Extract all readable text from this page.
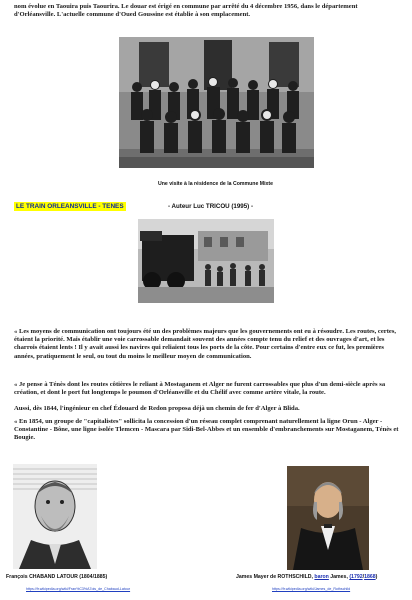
nom évolue en Taouira puis Taourira. Le douar est érigé en commune par arrêté du 4 décembre 1956, dans le département d'Orléansville. L'actuelle commune d'Oued Goussine est établie à son emplacement.

Une visite à la résidence de la Commune Mixte
LE TRAIN ORLEANSVILLE - TENES	- Auteur Luc TRICOU (1995) -

« Les moyens de communication ont toujours été un des problèmes majeurs que les gouvernements ont eu à résoudre. Les routes, certes, étaient la priorité. Mais établir une voie carrossable demandait souvent des années compte tenu du relief et des ouvrages d'art, et les charrois étaient lents ! Il y avait aussi les navires qui reliaient tous les ports de la côte. Pour certains d'entre eux ce fut, les premières années, pratiquement le seul, ou tout du moins le meilleur moyen de communication.

« Je pense à Ténès dont les routes côtières le reliant à Mostaganem et Alger ne furent carrossables que plus d'un demi-siècle après sa création, et dont le port fut longtemps le poumon d'Orléansville et du Chélif avec comme artère vitale, la route.

Aussi, dès 1844, l'ingénieur en chef Édouard de Redon proposa déjà un chemin de fer d'Alger à Blida.

« En 1854, un groupe de "capitalistes" sollicita la concession d'un réseau complet comprenant naturellement la ligne Orun - Alger - Constantine - Bône, une ligne isolée Tlemcen - Mascara par Sidi-Bel-Abbes et un ensemble d'embranchements sur Mostaganem, Ténès et Bougie.

François CHABAND LATOUR (1804/1885)
https://fr.wikipedia.org/wiki/Fran%C3%A7ois_de_Chabaud-Latour
James Mayer de ROTHSCHILD, baron James, (1792/1868)
https://fr.wikipedia.org/wiki/James_de_Rothschild
